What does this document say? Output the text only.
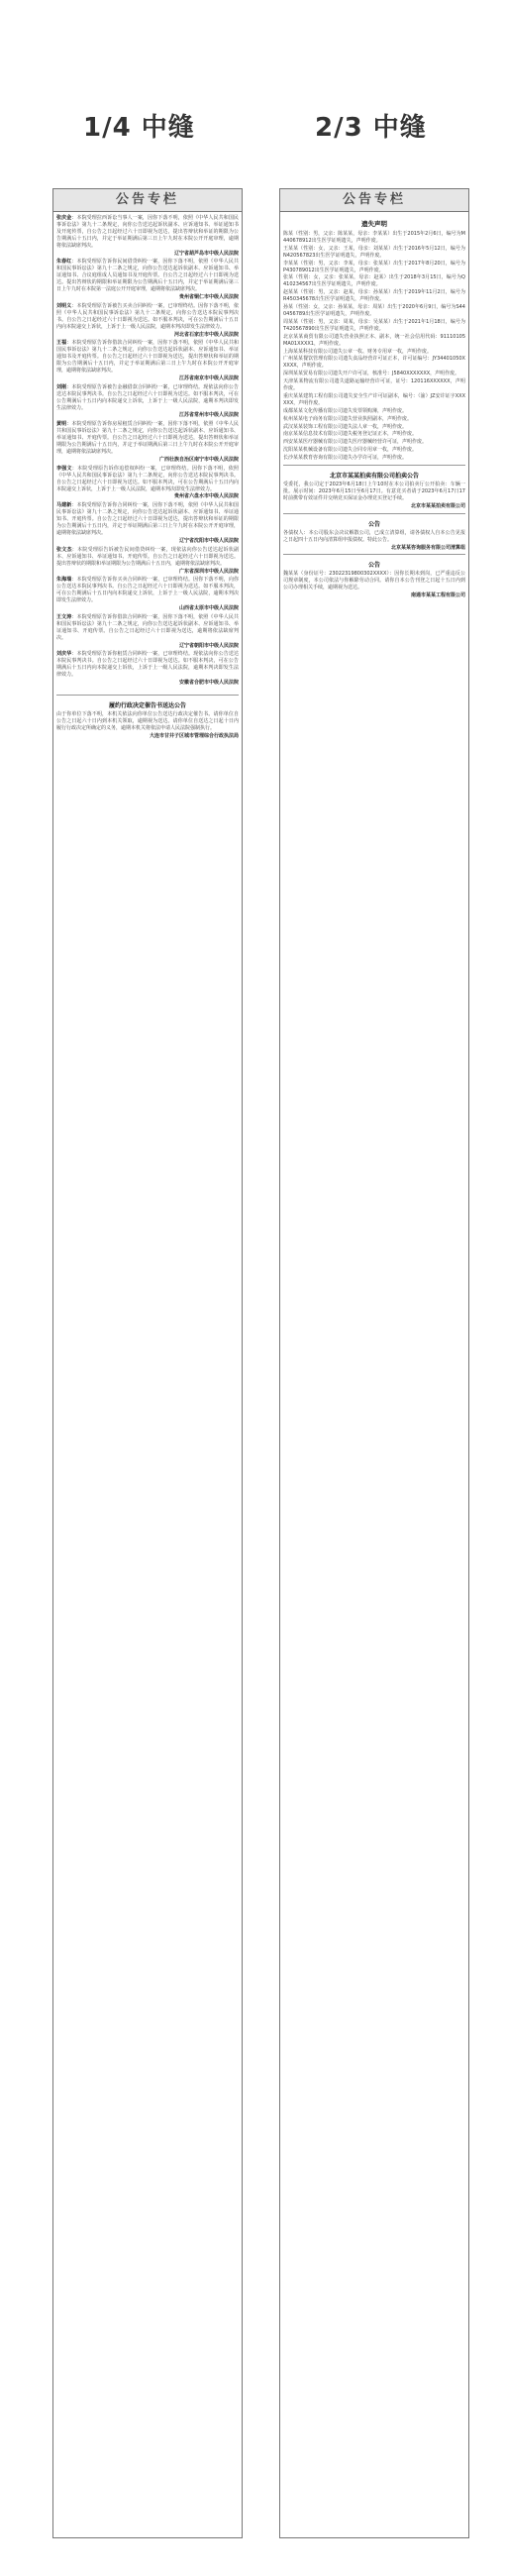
1/4 中缝	2/3 中缝
公告专栏
张庆金：本院受理拉西诉讼当事人一案，因你下落不明，依照《中华人民共和国民事诉讼法》第九十二条规定，向你公告送达起诉状副本、应诉通知书、举证通知书及开庭传票，自公告之日起经过六十日即视为送达，提出答辩状和举证的期限为公告期满后十五日内，并定于举证期满后第三日上午九时在本院公开开庭审理，逾期将依法缺席判决。
辽宁省葫芦岛市中级人民法院
朱春红：本院受理原告诉你民间借贷纠纷一案，因你下落不明，依照《中华人民共和国民事诉讼法》第九十二条之规定，向你公告送达起诉状副本、应诉通知书、举证通知书、合议庭组成人员通知书及开庭传票。自公告之日起经过六十日即视为送达。提出答辩状的期限和举证期限为公告期满后十五日内，并定于举证期满后第三日上午九时在本院第一法庭公开开庭审理，逾期将依法缺席判决。
贵州省铜仁市中级人民法院
刘明义：本院受理原告诉被告买卖合同纠纷一案，已审理终结。因你下落不明，依照《中华人民共和国民事诉讼法》第九十二条规定，向你公告送达本院民事判决书。自公告之日起经过六十日即视为送达。如不服本判决，可在公告期满后十五日内向本院递交上诉状，上诉于上一级人民法院，逾期本判决即发生法律效力。
河北省石家庄市中级人民法院
王福：本院受理原告诉你借款合同纠纷一案，因你下落不明，依照《中华人民共和国民事诉讼法》第九十二条之规定，向你公告送达起诉状副本、应诉通知书、举证通知书及开庭传票。自公告之日起经过六十日即视为送达，提出答辩状和举证的期限为公告期满后十五日内，并定于举证期满后第三日上午九时在本院公开开庭审理，逾期将依法缺席判决。
江苏省南京市中级人民法院
刘刚：本院受理原告诉被告金融借款合同纠纷一案，已审理终结。现依法向你公告送达本院民事判决书。自公告之日起经过六十日即视为送达。如不服本判决，可在公告期满后十五日内向本院递交上诉状，上诉于上一级人民法院，逾期本判决即发生法律效力。
江苏省常州市中级人民法院
黄明：本院受理原告诉你房屋租赁合同纠纷一案，因你下落不明，依照《中华人民共和国民事诉讼法》第九十二条之规定，向你公告送达起诉状副本、应诉通知书、举证通知书、开庭传票。自公告之日起经过六十日即视为送达，提出答辩状和举证期限为公告期满后十五日内，并定于举证期满后第三日上午九时在本院公开开庭审理，逾期将依法缺席判决。
广西壮族自治区南宁市中级人民法院
李强文：本院受理原告诉你追偿权纠纷一案，已审理终结。因你下落不明，依照《中华人民共和国民事诉讼法》第九十二条规定，向你公告送达本院民事判决书。自公告之日起经过六十日即视为送达。如不服本判决，可在公告期满后十五日内向本院递交上诉状，上诉于上一级人民法院，逾期本判决即发生法律效力。
贵州省六盘水市中级人民法院
马建新：本院受理原告诉你合同纠纷一案，因你下落不明，依照《中华人民共和国民事诉讼法》第九十二条之规定，向你公告送达起诉状副本、应诉通知书、举证通知书、开庭传票。自公告之日起经过六十日即视为送达，提出答辩状和举证的期限为公告期满后十五日内，并定于举证期满后第三日上午九时在本院公开开庭审理，逾期将依法缺席判决。
辽宁省沈阳市中级人民法院
张文杰：本院受理原告诉被告民间借贷纠纷一案，现依法向你公告送达起诉状副本、应诉通知书、举证通知书、开庭传票。自公告之日起经过六十日即视为送达。提出答辩状的期限和举证期限为公告期满后十五日内，逾期将依法缺席判决。
广东省深圳市中级人民法院
朱海瑞：本院受理原告诉你买卖合同纠纷一案，已审理终结。因你下落不明，向你公告送达本院民事判决书。自公告之日起经过六十日即视为送达。如不服本判决，可在公告期满后十五日内向本院递交上诉状，上诉于上一级人民法院，逾期本判决即发生法律效力。
山西省太原市中级人民法院
王文涛：本院受理原告诉你借款合同纠纷一案，因你下落不明，依照《中华人民共和国民事诉讼法》第九十二条之规定，向你公告送达起诉状副本、应诉通知书、举证通知书、开庭传票。自公告之日起经过六十日即视为送达，逾期将依法缺席判决。
辽宁省朝阳市中级人民法院
刘庆华：本院受理原告诉你租赁合同纠纷一案，已审理终结。现依法向你公告送达本院民事判决书。自公告之日起经过六十日即视为送达。如不服本判决，可在公告期满后十五日内向本院递交上诉状，上诉于上一级人民法院，逾期本判决即发生法律效力。
安徽省合肥市中级人民法院
履约行政决定催告书送达公告
由于你单位下落不明，本机关依法向你单位公告送达行政决定催告书。请你单位自公告之日起六十日内到本机关领取，逾期视为送达。请你单位自送达之日起十日内履行行政决定所确定的义务，逾期本机关将依法申请人民法院强制执行。
大连市甘井子区城市管理综合行政执法局
公告专栏
遗失声明
陈某（性别：男，父亲：陈某某，母亲：李某某）出生于2015年2月6日，编号为M440678912出生医学证明遗失，声明作废。
王某某（性别：女，父亲：王某，母亲：刘某某）出生于2016年5月12日，编号为N420567823出生医学证明遗失，声明作废。
李某某（性别：男，父亲：李某，母亲：张某某）出生于2017年8月20日，编号为P430789012出生医学证明遗失，声明作废。
张某（性别：女，父亲：张某某，母亲：赵某）出生于2018年3月15日，编号为Q410234567出生医学证明遗失，声明作废。
赵某某（性别：男，父亲：赵某，母亲：孙某某）出生于2019年11月2日，编号为R450345678出生医学证明遗失，声明作废。
孙某（性别：女，父亲：孙某某，母亲：周某）出生于2020年6月9日，编号为S440456789出生医学证明遗失，声明作废。
周某某（性别：男，父亲：周某，母亲：吴某某）出生于2021年1月18日，编号为T420567890出生医学证明遗失，声明作废。
北京某某商贸有限公司遗失营业执照正本、副本，统一社会信用代码：91110105MA01XXXX1，声明作废。
上海某某科技有限公司遗失公章一枚、财务专用章一枚，声明作废。
广州某某餐饮管理有限公司遗失食品经营许可证正本，许可证编号：JY34401050XXXXX，声明作废。
深圳某某贸易有限公司遗失开户许可证，核准号：J5840XXXXXXX，声明作废。
天津某某物流有限公司遗失道路运输经营许可证，证号：120116XXXXXX，声明作废。
重庆某某建筑工程有限公司遗失安全生产许可证副本，编号：（渝）JZ安许证字XXXXXX，声明作废。
成都某某文化传播有限公司遗失发票领购簿，声明作废。
杭州某某电子商务有限公司遗失营业执照副本，声明作废。
武汉某某装饰工程有限公司遗失法人章一枚，声明作废。
南京某某信息技术有限公司遗失税务登记证正本，声明作废。
西安某某医疗器械有限公司遗失医疗器械经营许可证，声明作废。
沈阳某某机械设备有限公司遗失合同专用章一枚，声明作废。
长沙某某教育咨询有限公司遗失办学许可证，声明作废。
北京市某某拍卖有限公司拍卖公告
受委托，我公司定于2023年6月18日上午10时在本公司拍卖厅公开拍卖：车辆一批。展示时间：2023年6月15日至6月17日。有意竞买者请于2023年6月17日17时前携带有效证件并交纳竞买保证金办理竞买登记手续。
北京市某某拍卖有限公司
公告
各债权人：本公司股东会决议解散公司，已成立清算组，请各债权人自本公告见报之日起四十五日内向清算组申报债权。特此公告。
北京某某咨询服务有限公司清算组
公告
魏某某（身份证号：23022319800302XXXX）：因你长期未到岗，已严重违反公司规章制度，本公司依法与你解除劳动合同。请你自本公告刊登之日起十五日内到公司办理相关手续，逾期视为送达。
南通市某某工程有限公司
